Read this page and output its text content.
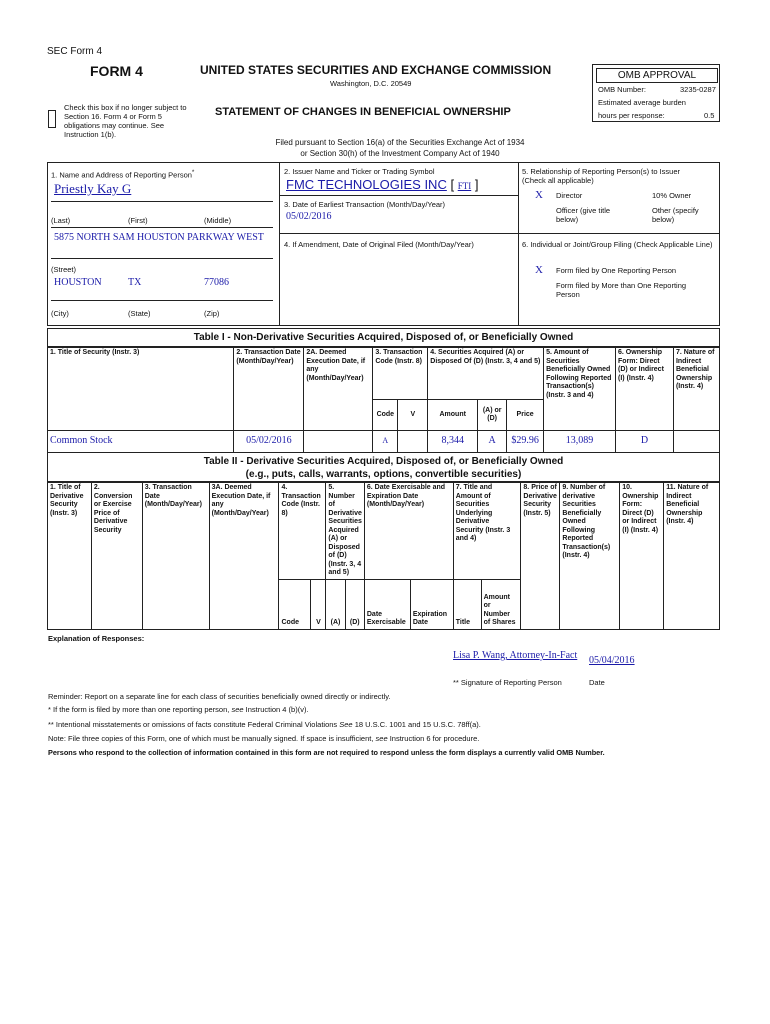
SEC Form 4
FORM 4	UNITED STATES SECURITIES AND EXCHANGE COMMISSION
Washington, D.C. 20549
STATEMENT OF CHANGES IN BENEFICIAL OWNERSHIP
Check this box if no longer subject to Section 16. Form 4 or Form 5 obligations may continue. See Instruction 1(b).
OMB APPROVAL
OMB Number:	3235-0287
Estimated average burden
hours per response:	0.5
Filed pursuant to Section 16(a) of the Securities Exchange Act of 1934
or Section 30(h) of the Investment Company Act of 1940
1. Name and Address of Reporting Person*
Priestly Kay G
(Last)	(First)	(Middle)
5875 NORTH SAM HOUSTON PARKWAY WEST
(Street)
HOUSTON	TX	77086
(City)	(State)	(Zip)
2. Issuer Name and Ticker or Trading Symbol
FMC TECHNOLOGIES INC [ FTI ]
3. Date of Earliest Transaction (Month/Day/Year)
05/02/2016
4. If Amendment, Date of Original Filed (Month/Day/Year)
5. Relationship of Reporting Person(s) to Issuer
(Check all applicable)
X Director	10% Owner
Officer (give title below)
Other (specify below)
6. Individual or Joint/Group Filing (Check Applicable Line)
X Form filed by One Reporting Person
Form filed by More than One Reporting Person
Table I - Non-Derivative Securities Acquired, Disposed of, or Beneficially Owned
1. Title of Security (Instr. 3)	2. Transaction Date (Month/Day/Year)	2A. Deemed Execution Date, if any (Month/Day/Year)	3. Transaction Code (Instr. 8)		4. Securities Acquired (A) or Disposed Of (D) (Instr. 3, 4 and 5)			5. Amount of Securities Beneficially Owned Following Reported Transaction(s) (Instr. 3 and 4)	6. Ownership Form: Direct (D) or Indirect (I) (Instr. 4)	7. Nature of Indirect Beneficial Ownership (Instr. 4)
			Code	V	Amount	(A) or (D)	Price			
Common Stock	05/02/2016		A		8,344	A	$29.96	13,089	D	
Table II - Derivative Securities Acquired, Disposed of, or Beneficially Owned
(e.g., puts, calls, warrants, options, convertible securities)
1. Title of Derivative Security (Instr. 3)	2. Conversion or Exercise Price of Derivative Security	3. Transaction Date (Month/Day/Year)	3A. Deemed Execution Date, if any (Month/Day/Year)	4. Transaction Code (Instr. 8)		5. Number of Derivative Securities Acquired (A) or Disposed of (D) (Instr. 3, 4 and 5)		6. Date Exercisable and Expiration Date (Month/Day/Year)		7. Title and Amount of Securities Underlying Derivative Security (Instr. 3 and 4)		8. Price of Derivative Security (Instr. 5)	9. Number of derivative Securities Beneficially Owned Following Reported Transaction(s) (Instr. 4)	10. Ownership Form: Direct (D) or Indirect (I) (Instr. 4)	11. Nature of Indirect Beneficial Ownership (Instr. 4)
				Code	V	(A)	(D)	Date Exercisable	Expiration Date	Title	Amount or Number of Shares				
Explanation of Responses:
Lisa P. Wang, Attorney-In-Fact 05/04/2016
** Signature of Reporting Person	Date
Reminder: Report on a separate line for each class of securities beneficially owned directly or indirectly.
* If the form is filed by more than one reporting person, see Instruction 4 (b)(v).
** Intentional misstatements or omissions of facts constitute Federal Criminal Violations See 18 U.S.C. 1001 and 15 U.S.C. 78ff(a).
Note: File three copies of this Form, one of which must be manually signed. If space is insufficient, see Instruction 6 for procedure.
Persons who respond to the collection of information contained in this form are not required to respond unless the form displays a currently valid OMB Number.
